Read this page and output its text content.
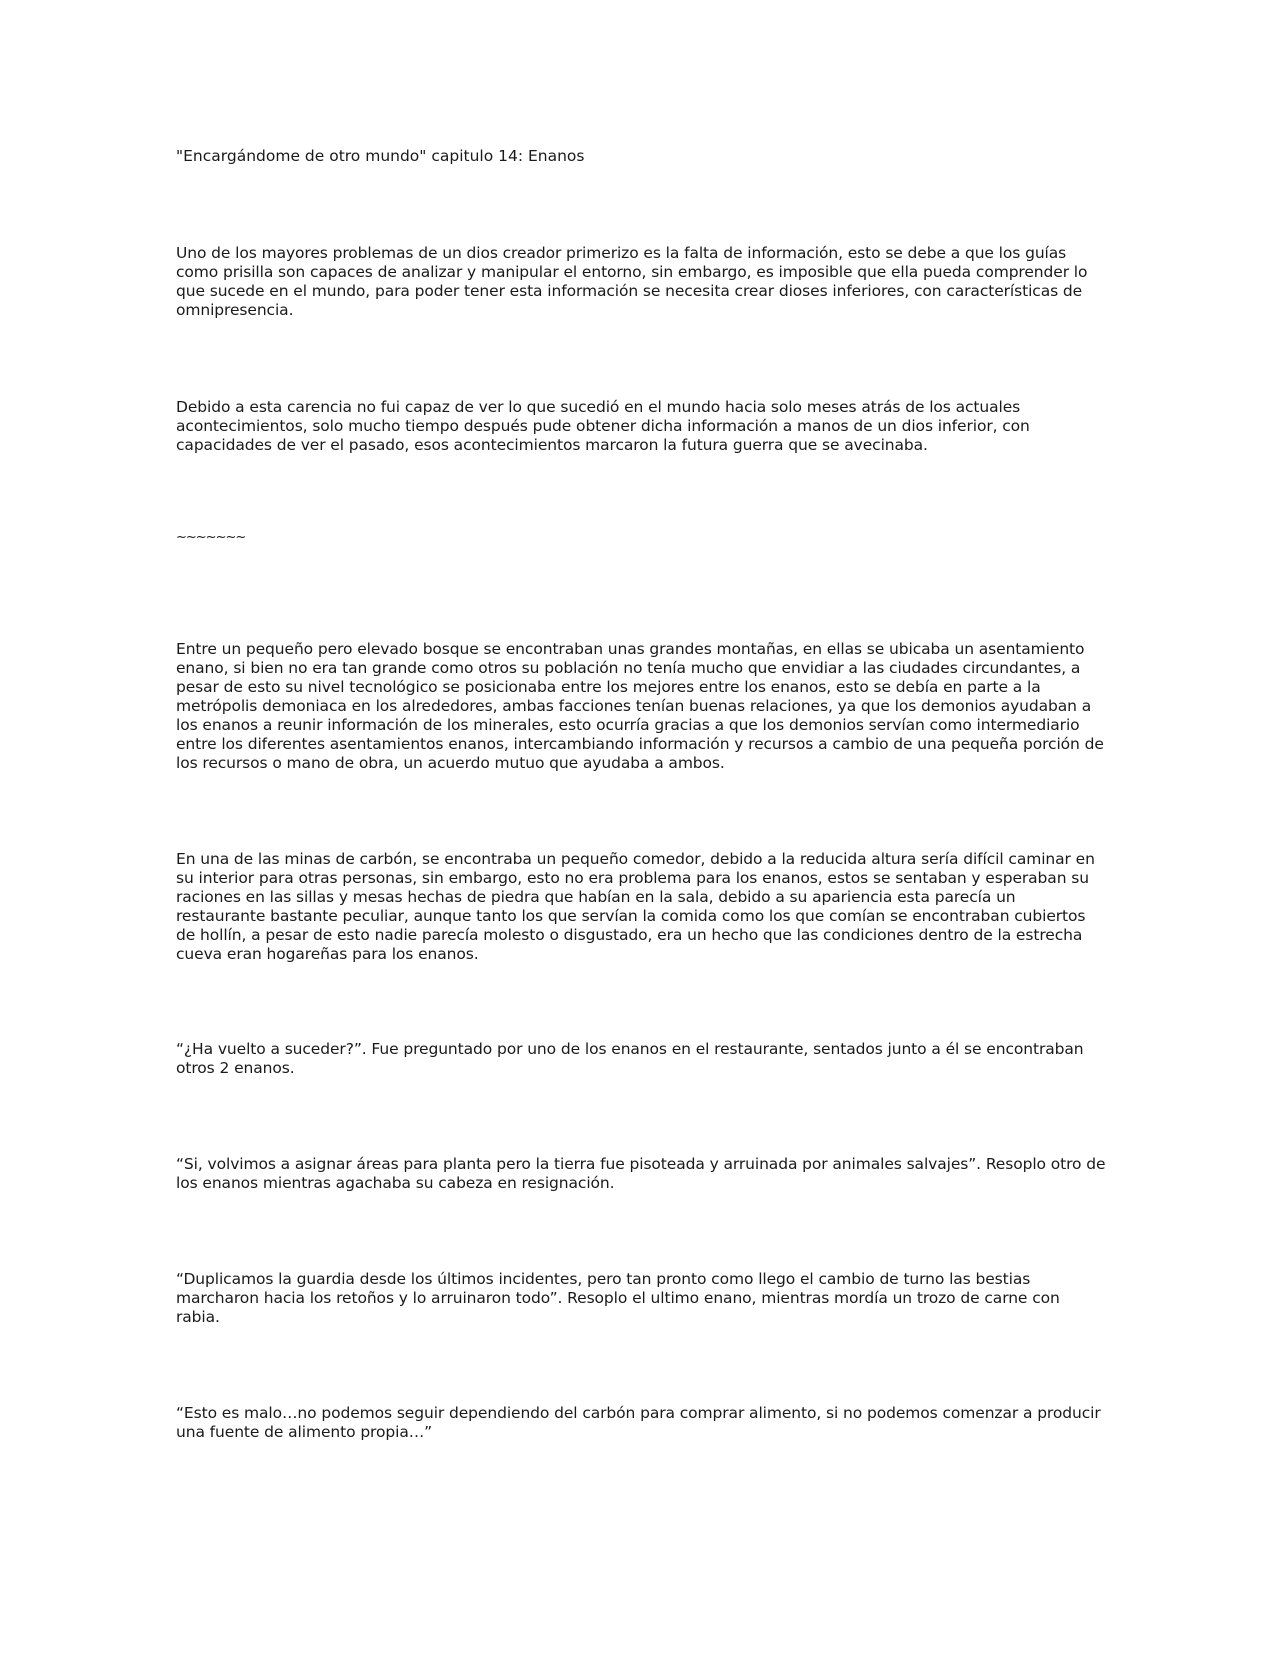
"Encargándome de otro mundo" capitulo 14: Enanos

Uno de los mayores problemas de un dios creador primerizo es la falta de información, esto se debe a que los guías como prisilla son capaces de analizar y manipular el entorno, sin embargo, es imposible que ella pueda comprender lo que sucede en el mundo, para poder tener esta información se necesita crear dioses inferiores, con características de omnipresencia.

Debido a esta carencia no fui capaz de ver lo que sucedió en el mundo hacia solo meses atrás de los actuales acontecimientos, solo mucho tiempo después pude obtener dicha información a manos de un dios inferior, con capacidades de ver el pasado, esos acontecimientos marcaron la futura guerra que se avecinaba.

~~~~~~~

Entre un pequeño pero elevado bosque se encontraban unas grandes montañas, en ellas se ubicaba un asentamiento enano, si bien no era tan grande como otros su población no tenía mucho que envidiar a las ciudades circundantes, a pesar de esto su nivel tecnológico se posicionaba entre los mejores entre los enanos, esto se debía en parte a la metrópolis demoniaca en los alrededores, ambas facciones tenían buenas relaciones, ya que los demonios ayudaban a los enanos a reunir información de los minerales, esto ocurría gracias a que los demonios servían como intermediario entre los diferentes asentamientos enanos, intercambiando información y recursos a cambio de una pequeña porción de los recursos o mano de obra, un acuerdo mutuo que ayudaba a ambos.

En una de las minas de carbón, se encontraba un pequeño comedor, debido a la reducida altura sería difícil caminar en su interior para otras personas, sin embargo, esto no era problema para los enanos, estos se sentaban y esperaban su raciones en las sillas y mesas hechas de piedra que habían en la sala, debido a su apariencia esta parecía un restaurante bastante peculiar, aunque tanto los que servían la comida como los que comían se encontraban cubiertos de hollín, a pesar de esto nadie parecía molesto o disgustado, era un hecho que las condiciones dentro de la estrecha cueva eran hogareñas para los enanos.

“¿Ha vuelto a suceder?”. Fue preguntado por uno de los enanos en el restaurante, sentados junto a él se encontraban otros 2 enanos.

“Si, volvimos a asignar áreas para planta pero la tierra fue pisoteada y arruinada por animales salvajes”. Resoplo otro de los enanos mientras agachaba su cabeza en resignación.

“Duplicamos la guardia desde los últimos incidentes, pero tan pronto como llego el cambio de turno las bestias marcharon hacia los retoños y lo arruinaron todo”. Resoplo el ultimo enano, mientras mordía un trozo de carne con rabia.

“Esto es malo…no podemos seguir dependiendo del carbón para comprar alimento, si no podemos comenzar a producir una fuente de alimento propia…”
